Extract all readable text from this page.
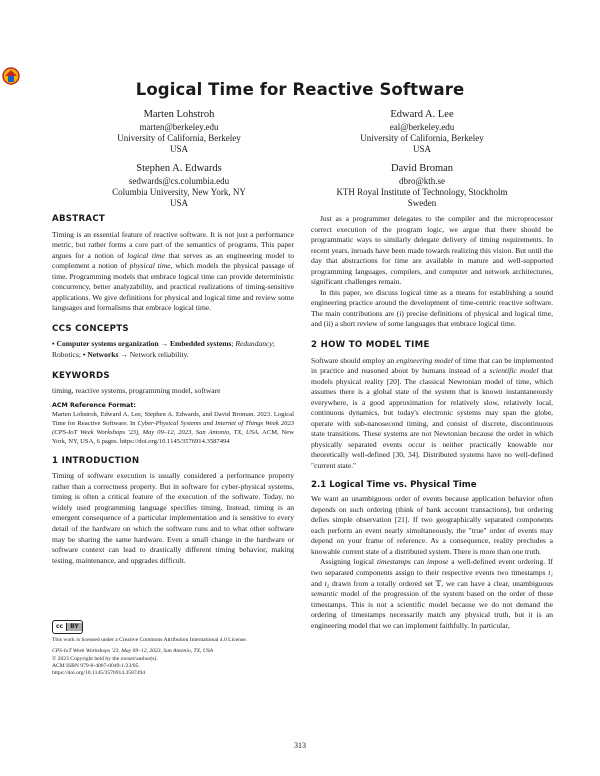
Logical Time for Reactive Software
Marten Lohstroh
marten@berkeley.edu
University of California, Berkeley
USA
Edward A. Lee
eal@berkeley.edu
University of California, Berkeley
USA
Stephen A. Edwards
sedwards@cs.columbia.edu
Columbia University, New York, NY
USA
David Broman
dbro@kth.se
KTH Royal Institute of Technology, Stockholm
Sweden
ABSTRACT

Timing is an essential feature of reactive software. It is not just a performance metric, but rather forms a core part of the semantics of programs. This paper argues for a notion of logical time that serves as an engineering model to complement a notion of physical time, which models the physical passage of time. Programming models that embrace logical time can provide deterministic concurrency, better analyzability, and practical realizations of timing-sensitive applications. We give definitions for physical and logical time and review some languages and formalisms that embrace logical time.

CCS CONCEPTS

• Computer systems organization → Embedded systems; Redundancy; Robotics; • Networks → Network reliability.

KEYWORDS

timing, reactive systems, programming model, software

ACM Reference Format:
Marten Lohstroh, Edward A. Lee, Stephen A. Edwards, and David Broman. 2023. Logical Time for Reactive Software. In Cyber-Physical Systems and Internet of Things Week 2023 (CPS-IoT Week Workshops '23), May 09–12, 2023, San Antonio, TX, USA. ACM, New York, NY, USA, 6 pages. https://doi.org/10.1145/3576914.3587494

1 INTRODUCTION

Timing of software execution is usually considered a performance property rather than a correctness property. But in software for cyber-physical systems, timing is often a critical feature of the execution of the software. Today, no widely used programming language specifies timing. Instead, timing is an emergent consequence of a particular implementation and is sensitive to every detail of the hardware on which the software runs and to what other software may be sharing the same hardware. Even a small change in the hardware or software context can lead to drastically different timing behavior, making testing, maintenance, and upgrades difficult.

cc	BY
This work is licensed under a Creative Commons Attribution International 4.0 License.
CPS-IoT Week Workshops '23, May 09–12, 2023, San Antonio, TX, USA
© 2023 Copyright held by the owner/author(s).
ACM ISBN 979-8-4007-0049-1/23/05.
https://doi.org/10.1145/3576914.3587494

Just as a programmer delegates to the compiler and the microprocessor correct execution of the program logic, we argue that there should be programmatic ways to similarly delegate delivery of timing requirements. In recent years, inroads have been made towards realizing this vision. But until the day that abstractions for time are available in mature and well-supported programming languages, compilers, and computer and network architectures, significant challenges remain.

In this paper, we discuss logical time as a means for establishing a sound engineering practice around the development of time-centric reactive software. The main contributions are (i) precise definitions of physical and logical time, and (ii) a short review of some languages that embrace logical time.

2 HOW TO MODEL TIME

Software should employ an engineering model of time that can be implemented in practice and reasoned about by humans instead of a scientific model that models physical reality [20]. The classical Newtonian model of time, which assumes there is a global state of the system that is known instantaneously everywhere, is a good approximation for relatively slow, relatively local, continuous dynamics, but today's electronic systems may span the globe, operate with sub-nanosecond timing, and consist of discrete, discontinuous state transitions. These systems are not Newtonian because the order in which physically separated events occur is neither practically knowable nor theoretically well-defined [30, 34]. Distributed systems have no well-defined "current state."

2.1 Logical Time vs. Physical Time

We want an unambiguous order of events because application behavior often depends on such ordering (think of bank account transactions), but ordering defies simple observation [21]. If two geographically separated components each perform an event nearly simultaneously, the "true" order of events may depend on your frame of reference. As a consequence, reality precludes a knowable current state of a distributed system. There is more than one truth.

Assigning logical timestamps can impose a well-defined event ordering. If two separated components assign to their respective events two timestamps t₁ and t₂ drawn from a totally ordered set 𝕋, we can have a clear, unambiguous semantic model of the progression of the system based on the order of these timestamps. This is not a scientific model because we do not demand the ordering of timestamps necessarily match any physical truth, but it is an engineering model that we can implement faithfully. In particular,

313
